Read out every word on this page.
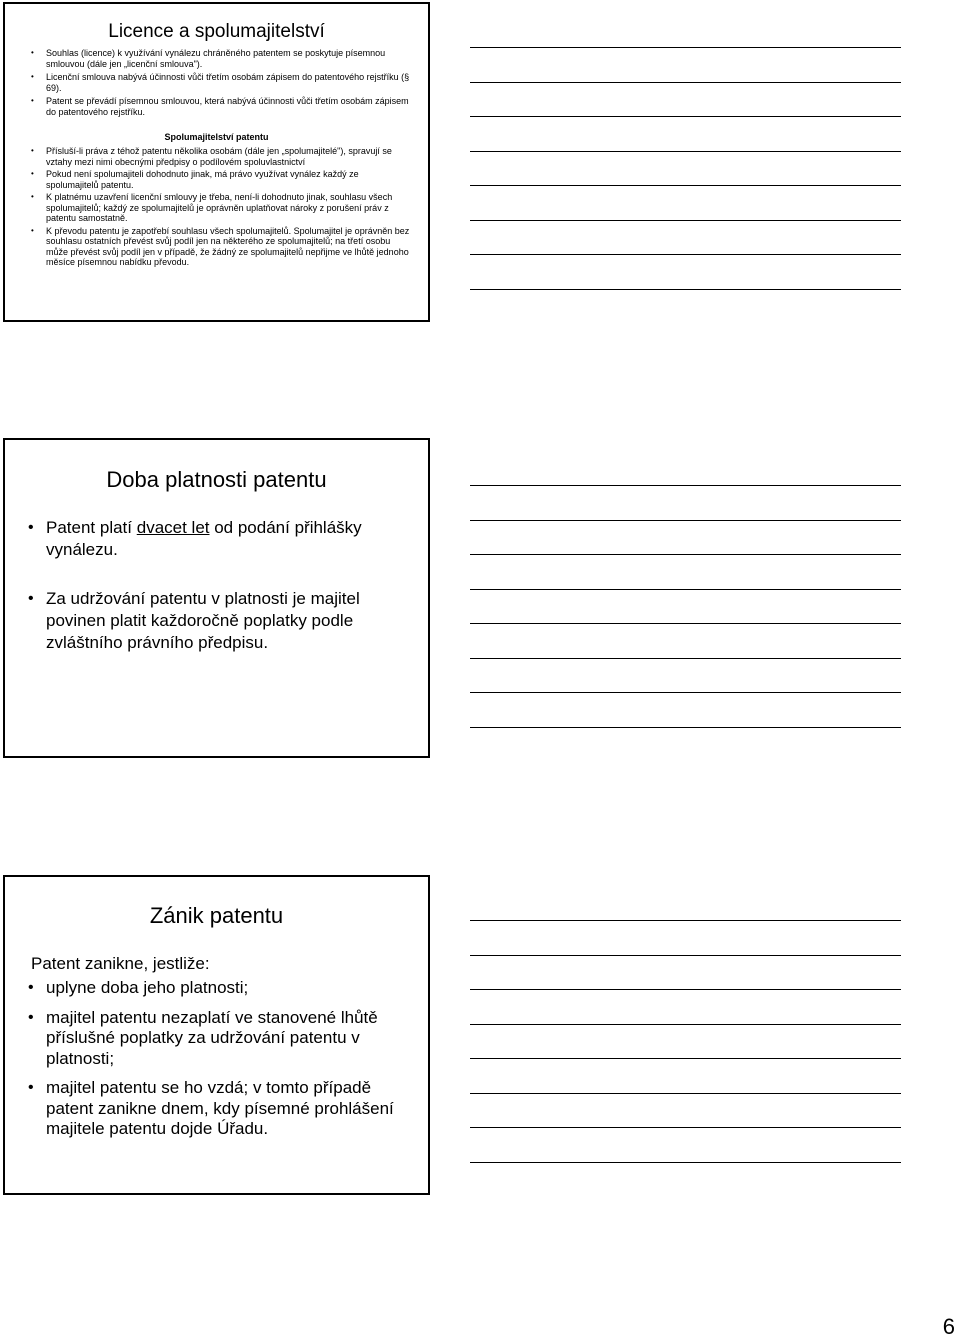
Licence a spolumajitelství
• Souhlas (licence) k využívání vynálezu chráněného patentem se poskytuje písemnou smlouvou (dále jen „licenční smlouva").
• Licenční smlouva nabývá účinnosti vůči třetím osobám zápisem do patentového rejstříku (§ 69).
• Patent se převádí písemnou smlouvou, která nabývá účinnosti vůči třetím osobám zápisem do patentového rejstříku.
Spolumajitelství patentu
• Přísluší-li práva z téhož patentu několika osobám (dále jen „spolumajitelé"), spravují se vztahy mezi nimi obecnými předpisy o podílovém spoluvlastnictví
• Pokud není spolumajiteli dohodnuto jinak, má právo využívat vynález každý ze spolumajitelů patentu.
• K platnému uzavření licenční smlouvy je třeba, není-li dohodnuto jinak, souhlasu všech spolumajitelů; každý ze spolumajitelů je oprávněn uplatňovat nároky z porušení práv z patentu samostatně.
• K převodu patentu je zapotřebí souhlasu všech spolumajitelů. Spolumajitel je oprávněn bez souhlasu ostatních převést svůj podíl jen na některého ze spolumajitelů; na třetí osobu může převést svůj podíl jen v případě, že žádný ze spolumajitelů nepřijme ve lhůtě jednoho měsíce písemnou nabídku převodu.
Doba platnosti patentu
• Patent platí dvacet let od podání přihlášky vynálezu.
• Za udržování patentu v platnosti je majitel povinen platit každoročně poplatky podle zvláštního právního předpisu.
Zánik patentu
Patent zanikne, jestliže:
• uplyne doba jeho platnosti;
• majitel patentu nezaplatí ve stanovené lhůtě příslušné poplatky za udržování patentu v platnosti;
• majitel patentu se ho vzdá; v tomto případě patent zanikne dnem, kdy písemné prohlášení majitele patentu dojde Úřadu.
6
